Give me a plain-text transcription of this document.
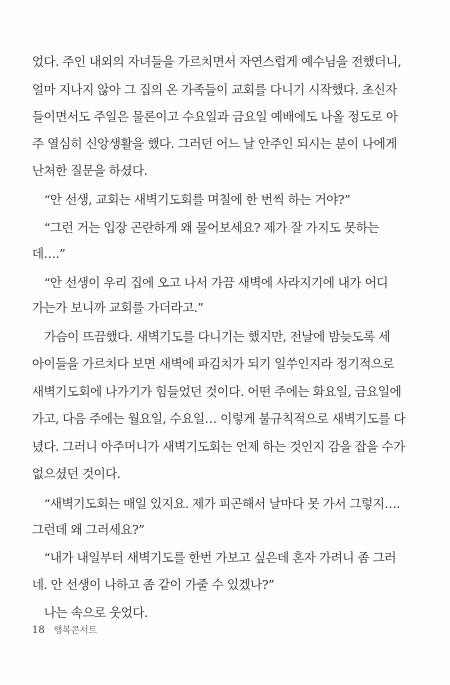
었다. 주인 내외의 자녀들을 가르치면서 자연스럽게 예수님을 전했더니,
얼마 지나지 않아 그 집의 온 가족들이 교회를 다니기 시작했다. 초신자
들이면서도 주일은 물론이고 수요일과 금요일 예배에도 나올 정도로 아
주 열심히 신앙생활을 했다. 그러던 어느 날 안주인 되시는 분이 나에게
난처한 질문을 하셨다.
“안 선생, 교회는 새벽기도회를 며칠에 한 번씩 하는 거야?”
“그런 거는 입장 곤란하게 왜 물어보세요? 제가 잘 가지도 못하는
데….”
“안 선생이 우리 집에 오고 나서 가끔 새벽에 사라지기에 내가 어디
가는가 보니까 교회를 가더라고.”
가슴이 뜨끔했다. 새벽기도를 다니기는 했지만, 전날에 밤늦도록 세
아이들을 가르치다 보면 새벽에 파김치가 되기 일쑤인지라 정기적으로
새벽기도회에 나가기가 힘들었던 것이다. 어떤 주에는 화요일, 금요일에
가고, 다음 주에는 월요일, 수요일… 이렇게 불규칙적으로 새벽기도를 다
녔다. 그러니 아주머니가 새벽기도회는 언제 하는 것인지 감을 잡을 수가
없으셨던 것이다.
“새벽기도회는 매일 있지요. 제가 피곤해서 날마다 못 가서 그렇지….
그런데 왜 그러세요?”
“내가 내일부터 새벽기도를 한번 가보고 싶은데 혼자 가려니 좀 그러
네. 안 선생이 나하고 좀 같이 가줄 수 있겠나?”
나는 속으로 웃었다.
18 행복콘서트
